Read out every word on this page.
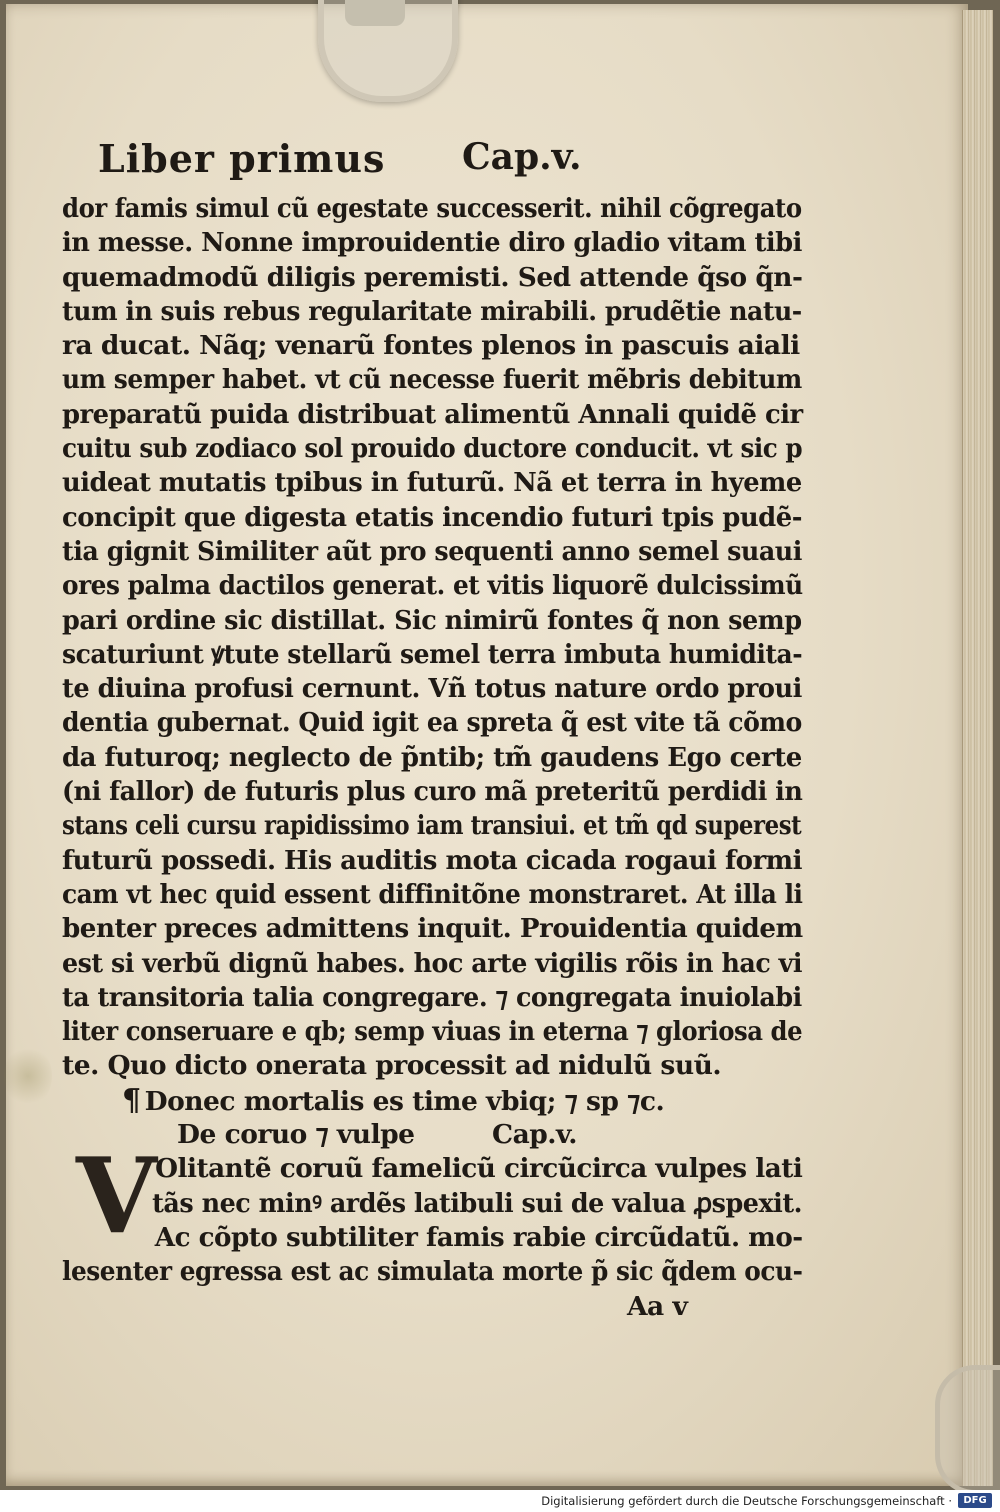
Liber primus Cap.v.
dor famis simul cũ egestate successerit. nihil cõgregato
in messe. Nonne improuidentie diro gladio vitam tibi
quemadmodũ diligis peremisti. Sed attende q̃so q̃n-
tum in suis rebus regularitate mirabili. prudẽtie natu-
ra ducat. Nãq; venarũ fontes plenos in pascuis aiali
um semper habet. vt cũ necesse fuerit mẽbris debitum
preparatũ puida distribuat alimentũ Annali quidẽ cir
cuitu sub zodiaco sol prouido ductore conducit. vt sic p
uideat mutatis tpibus in futurũ. Nã et terra in hyeme
concipit que digesta etatis incendio futuri tpis pudẽ-
tia gignit Similiter aũt pro sequenti anno semel suaui
ores palma dactilos generat. et vitis liquorẽ dulcissimũ
pari ordine sic distillat. Sic nimirũ fontes q̃ non semp
scaturiunt ꝟtute stellarũ semel terra imbuta humidita-
te diuina profusi cernunt. Vñ totus nature ordo proui
dentia gubernat. Quid igit ea spreta q̃ est vite tã cõmo
da futuroq; neglecto de p̃ntib; tm̃ gaudens Ego certe
(ni fallor) de futuris plus curo mã preteritũ perdidi in
stans celi cursu rapidissimo iam transiui. et tm̃ qd superest
futurũ possedi. His auditis mota cicada rogaui formi
cam vt hec quid essent diffinitõne monstraret. At illa li
benter preces admittens inquit. Prouidentia quidem
est si verbũ dignũ habes. hoc arte vigilis rõis in hac vi
ta transitoria talia congregare. ⁊ congregata inuiolabi
liter conseruare e qb; semp viuas in eterna ⁊ gloriosa de
te. Quo dicto onerata processit ad nidulũ suũ.
¶ Donec mortalis es time vbiq; ⁊ sp ⁊c.
De coruo ⁊ vulpe	Cap.v.
V
Olitantẽ coruũ famelicũ circũcirca vulpes lati
tãs nec minꝰ ardẽs latibuli sui de valua ꝓspexit.
Ac cõpto subtiliter famis rabie circũdatũ. mo-
lesenter egressa est ac simulata morte p̃ sic q̃dem ocu-
Aa v
Digitalisierung gefördert durch die Deutsche Forschungsgemeinschaft ·	DFG
